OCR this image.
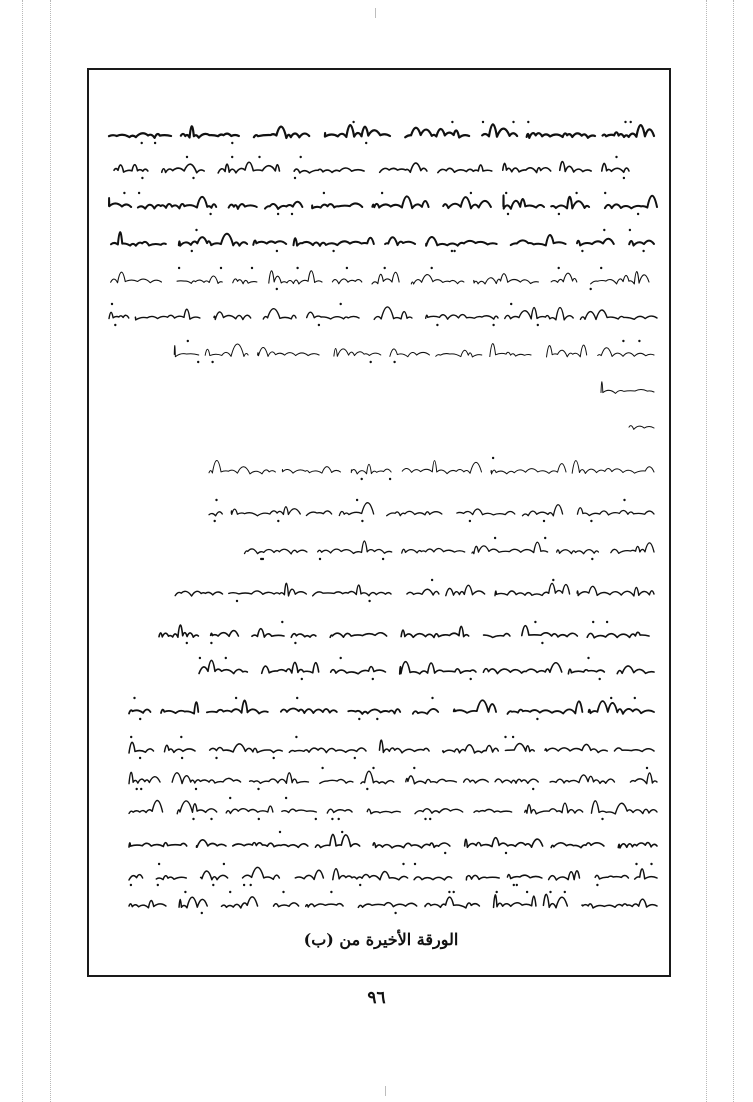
الورقة الأخيرة من (ب)
٩٦
